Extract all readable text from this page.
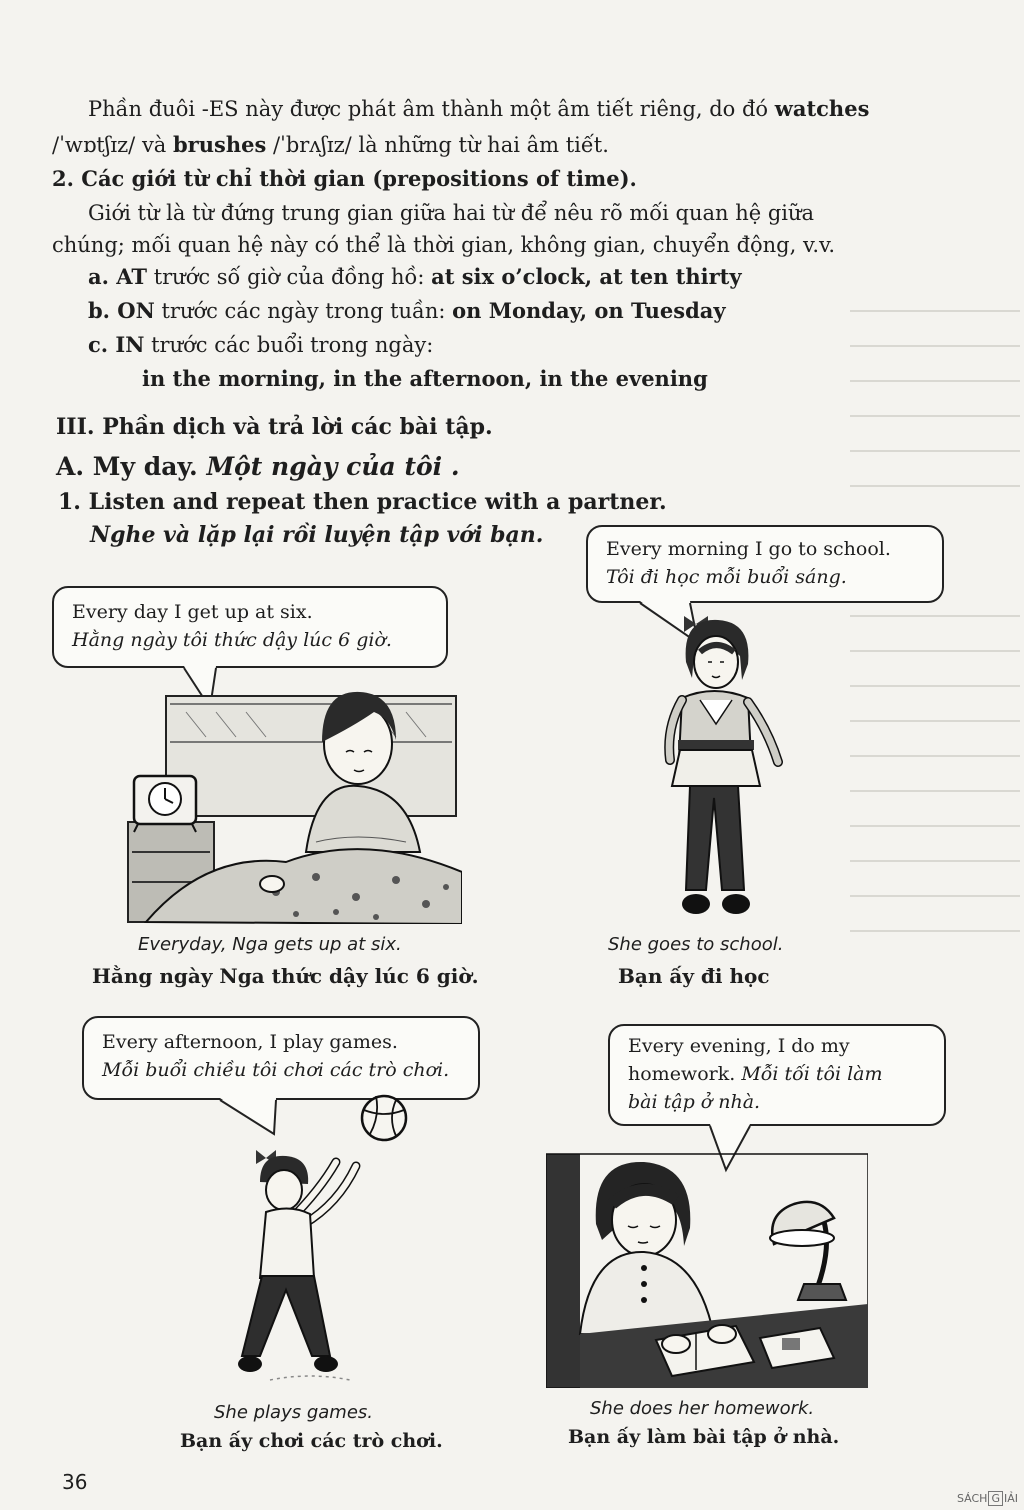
Phần đuôi -ES này được phát âm thành một âm tiết riêng, do đó watches
/ˈwɒtʃɪz/ và brushes /ˈbrʌʃɪz/ là những từ hai âm tiết.
2. Các giới từ chỉ thời gian (prepositions of time).
Giới từ là từ đứng trung gian giữa hai từ để nêu rõ mối quan hệ giữa
chúng; mối quan hệ này có thể là thời gian, không gian, chuyển động, v.v.
a. AT trước số giờ của đồng hồ: at six o’clock, at ten thirty
b. ON trước các ngày trong tuần: on Monday, on Tuesday
c. IN trước các buổi trong ngày:
in the morning, in the afternoon, in the evening
III. Phần dịch và trả lời các bài tập.
A. My day. Một ngày của tôi .
1. Listen and repeat then practice with a partner.
Nghe và lặp lại rồi luyện tập với bạn.
Every day I get up at six.
Hằng ngày tôi thức dậy lúc 6 giờ.
Everyday, Nga gets up at six.
Hằng ngày Nga thức dậy lúc 6 giờ.
Every morning I go to school.
Tôi đi học mỗi buổi sáng.
She goes to school.
Bạn ấy đi học
Every afternoon, I play games.
Mỗi buổi chiều tôi chơi các trò chơi.
She plays games.
Bạn ấy chơi các trò chơi.
Every evening, I do my
homework. Mỗi tối tôi làm
bài tập ở nhà.
She does her homework.
Bạn ấy làm bài tập ở nhà.
36
SÁCH G IẢI
